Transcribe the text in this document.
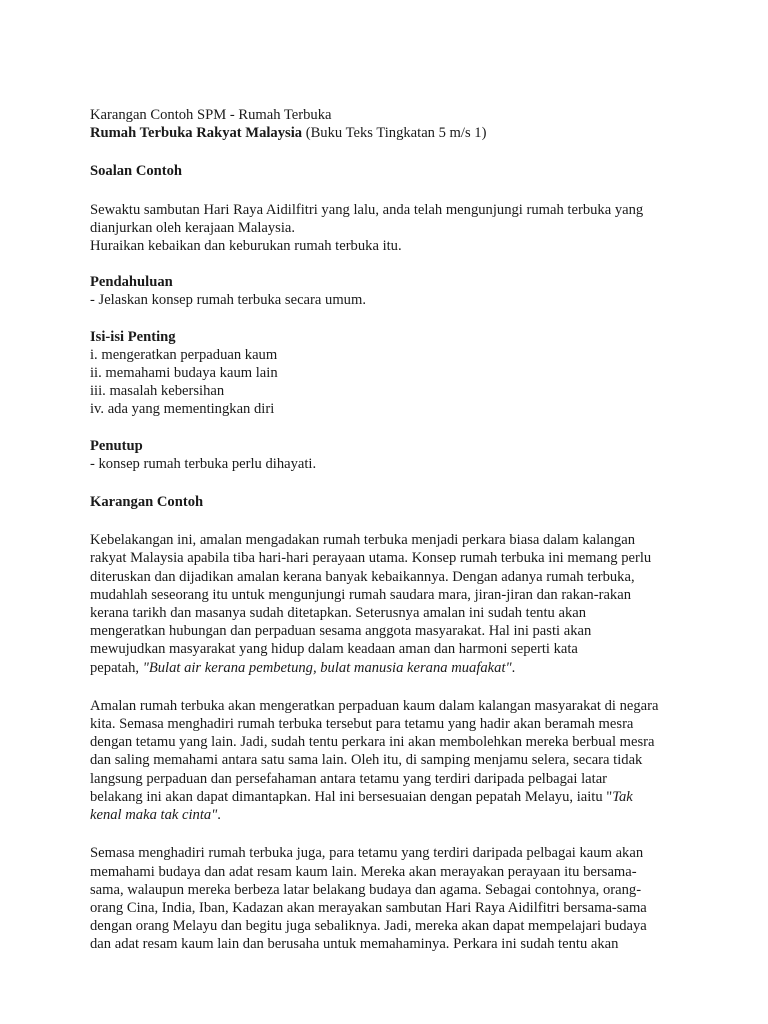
Karangan Contoh SPM - Rumah Terbuka
Rumah Terbuka Rakyat Malaysia (Buku Teks Tingkatan 5 m/s 1)
Soalan Contoh
Sewaktu sambutan Hari Raya Aidilfitri yang lalu, anda telah mengunjungi rumah terbuka yang
dianjurkan oleh kerajaan Malaysia.
Huraikan kebaikan dan keburukan rumah terbuka itu.
Pendahuluan
- Jelaskan konsep rumah terbuka secara umum.
Isi-isi Penting
i. mengeratkan perpaduan kaum
ii. memahami budaya kaum lain
iii. masalah kebersihan
iv. ada yang mementingkan diri
Penutup
- konsep rumah terbuka perlu dihayati.
Karangan Contoh
Kebelakangan ini, amalan mengadakan rumah terbuka menjadi perkara biasa dalam kalangan
rakyat Malaysia apabila tiba hari-hari perayaan utama. Konsep rumah terbuka ini memang perlu
diteruskan dan dijadikan amalan kerana banyak kebaikannya. Dengan adanya rumah terbuka,
mudahlah seseorang itu untuk mengunjungi rumah saudara mara, jiran-jiran dan rakan-rakan
kerana tarikh dan masanya sudah ditetapkan. Seterusnya amalan ini sudah tentu akan
mengeratkan hubungan dan perpaduan sesama anggota masyarakat. Hal ini pasti akan
mewujudkan masyarakat yang hidup dalam keadaan aman dan harmoni seperti kata
pepatah, "Bulat air kerana pembetung, bulat manusia kerana muafakat".
Amalan rumah terbuka akan mengeratkan perpaduan kaum dalam kalangan masyarakat di negara
kita. Semasa menghadiri rumah terbuka tersebut para tetamu yang hadir akan beramah mesra
dengan tetamu yang lain. Jadi, sudah tentu perkara ini akan membolehkan mereka berbual mesra
dan saling memahami antara satu sama lain. Oleh itu, di samping menjamu selera, secara tidak
langsung perpaduan dan persefahaman antara tetamu yang terdiri daripada pelbagai latar
belakang ini akan dapat dimantapkan. Hal ini bersesuaian dengan pepatah Melayu, iaitu "Tak
kenal maka tak cinta".
Semasa menghadiri rumah terbuka juga, para tetamu yang terdiri daripada pelbagai kaum akan
memahami budaya dan adat resam kaum lain. Mereka akan merayakan perayaan itu bersama-
sama, walaupun mereka berbeza latar belakang budaya dan agama. Sebagai contohnya, orang-
orang Cina, India, Iban, Kadazan akan merayakan sambutan Hari Raya Aidilfitri bersama-sama
dengan orang Melayu dan begitu juga sebaliknya. Jadi, mereka akan dapat mempelajari budaya
dan adat resam kaum lain dan berusaha untuk memahaminya. Perkara ini sudah tentu akan
